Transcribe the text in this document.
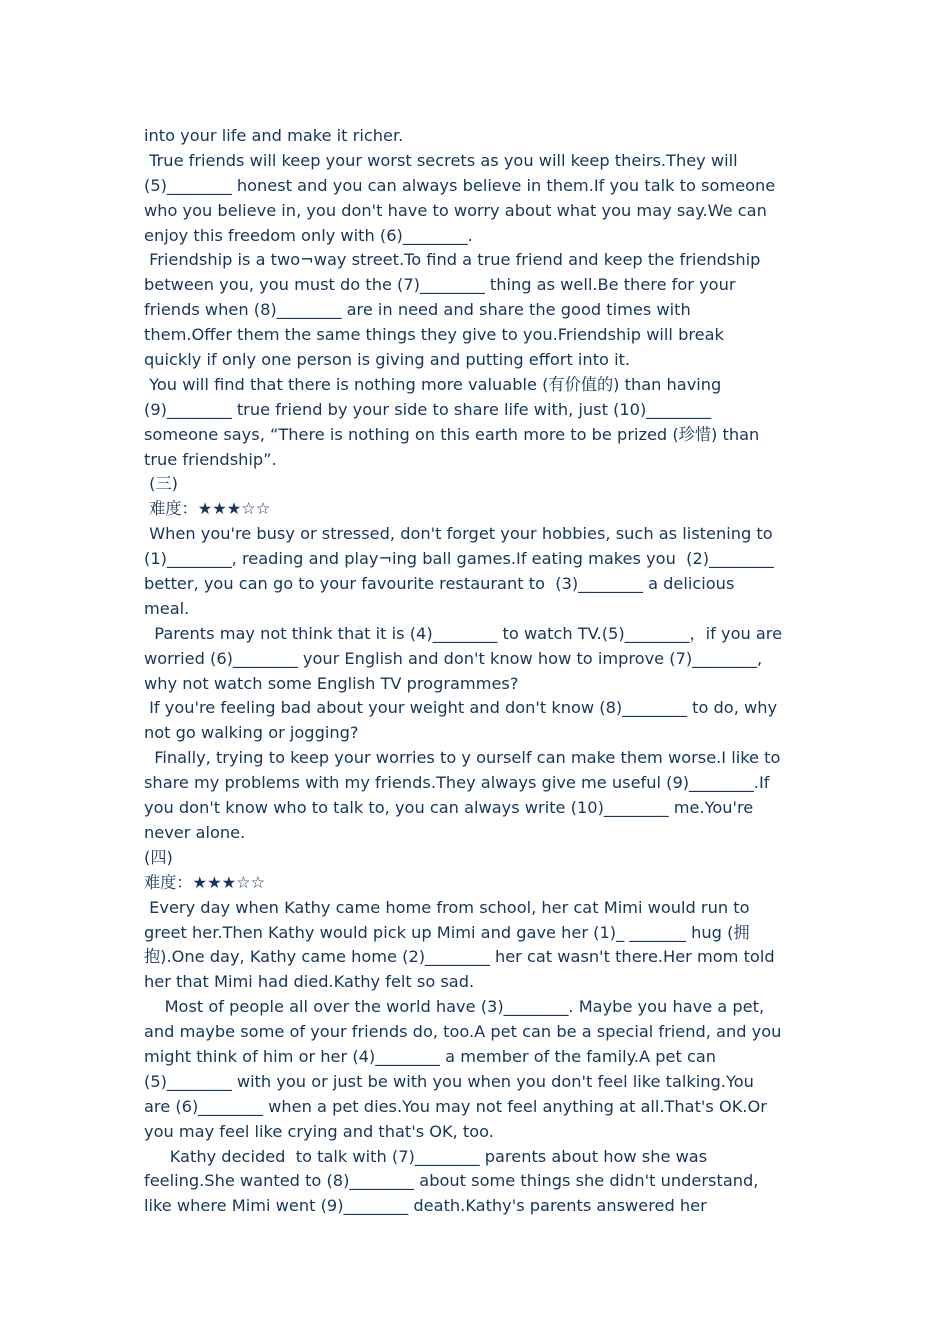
into your life and make it richer.
True friends will keep your worst secrets as you will keep theirs.They will
(5)________ honest and you can always believe in them.If you talk to someone
who you believe in, you don't have to worry about what you may say.We can
enjoy this freedom only with (6)________.
Friendship is a two¬way street.To find a true friend and keep the friendship
between you, you must do the (7)________ thing as well.Be there for your
friends when (8)________ are in need and share the good times with
them.Offer them the same things they give to you.Friendship will break
quickly if only one person is giving and putting effort into it.
You will find that there is nothing more valuable (有价值的) than having
(9)________ true friend by your side to share life with, just (10)________
someone says, “There is nothing on this earth more to be prized (珍惜) than
true friendship”.
(三)
难度：★★★☆☆
When you're busy or stressed, don't forget your hobbies, such as listening to
(1)________, reading and play¬ing ball games.If eating makes you  (2)________
better, you can go to your favourite restaurant to  (3)________ a delicious
meal.
Parents may not think that it is (4)________ to watch TV.(5)________，if you are
worried (6)________ your English and don't know how to improve (7)________,
why not watch some English TV programmes?
If you're feeling bad about your weight and don't know (8)________ to do, why
not go walking or jogging?
Finally, trying to keep your worries to y ourself can make them worse.I like to
share my problems with my friends.They always give me useful (9)________.If
you don't know who to talk to, you can always write (10)________ me.You're
never alone.
(四)
难度：★★★☆☆
Every day when Kathy came home from school, her cat Mimi would run to
greet her.Then Kathy would pick up Mimi and gave her (1)_ _______ hug (拥
抱).One day, Kathy came home (2)________ her cat wasn't there.Her mom told
her that Mimi had died.Kathy felt so sad.
Most of people all over the world have (3)________. Maybe you have a pet,
and maybe some of your friends do, too.A pet can be a special friend, and you
might think of him or her (4)________ a member of the family.A pet can
(5)________ with you or just be with you when you don't feel like talking.You
are (6)________ when a pet dies.You may not feel anything at all.That's OK.Or
you may feel like crying and that's OK, too.
Kathy decided  to talk with (7)________ parents about how she was
feeling.She wanted to (8)________ about some things she didn't understand,
like where Mimi went (9)________ death.Kathy's parents answered her
